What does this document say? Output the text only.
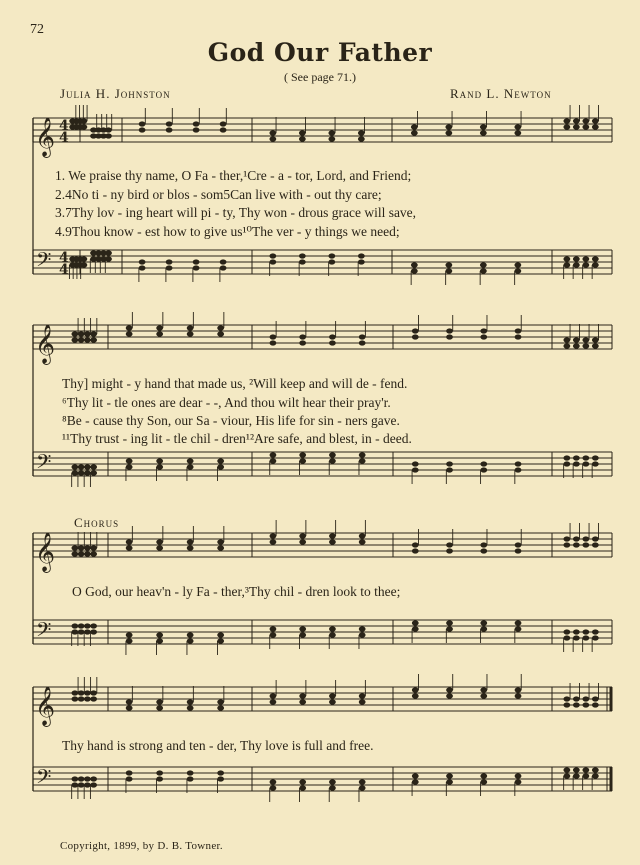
72
God Our Father
( See page 71.)
Julia H. Johnston	Rand L. Newton
𝄞 4
4
𝄢 4
4
𝄞
𝄢
𝄞
𝄢
𝄞
𝄢
1. We praise thy name, O Fa - ther,¹Cre - a - tor, Lord, and Friend;
2.4No ti - ny bird or blos - som5Can live with - out thy care;
3.7Thy lov - ing heart will pi - ty, Thy won - drous grace will save,
4.9Thou know - est how to give us¹⁰The ver - y things we need;
Thy] might - y hand that made us, ²Will keep and will de - fend.
⁶Thy lit - tle ones are dear - -, And thou wilt hear their pray'r.
⁸Be - cause thy Son, our Sa - viour, His life for sin - ners gave.
¹¹Thy trust - ing lit - tle chil - dren¹²Are safe, and blest, in - deed.
Chorus
O God, our heav'n - ly Fa - ther,³Thy chil - dren look to thee;
Thy hand is strong and ten - der, Thy love is full and free.
Copyright, 1899, by D. B. Towner.
